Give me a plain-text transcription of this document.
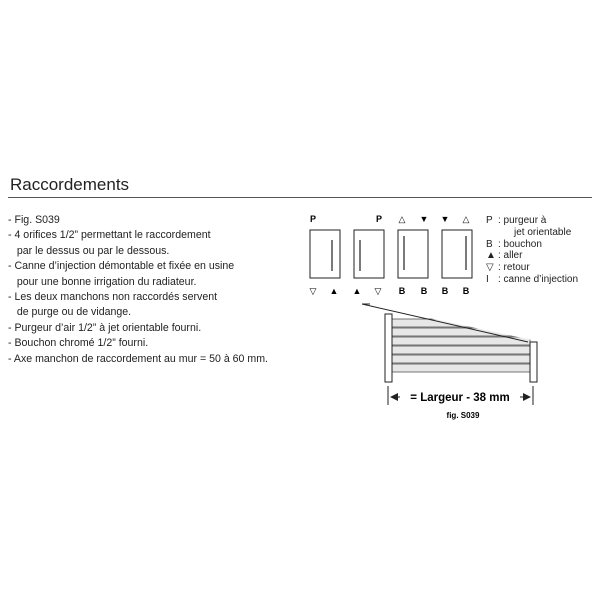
Raccordements
- Fig. S039
- 4 orifices 1/2” permettant le raccordement
par le dessus ou par le dessous.
- Canne d’injection démontable et fixée en usine
pour une bonne irrigation du radiateur.
- Les deux manchons non raccordés servent
de purge ou de vidange.
- Purgeur d’air 1/2” à jet orientable fourni.
- Bouchon chromé 1/2” fourni.
- Axe manchon de raccordement au mur = 50 à 60 mm.
P
▽ ▲
P
▲ ▽
△ ▼
B B
▼ △
B B
= Largeur - 38 mm
fig. S039
P : purgeur à
jet orientable
B : bouchon
▲ : aller
▽ : retour
I : canne d’injection
